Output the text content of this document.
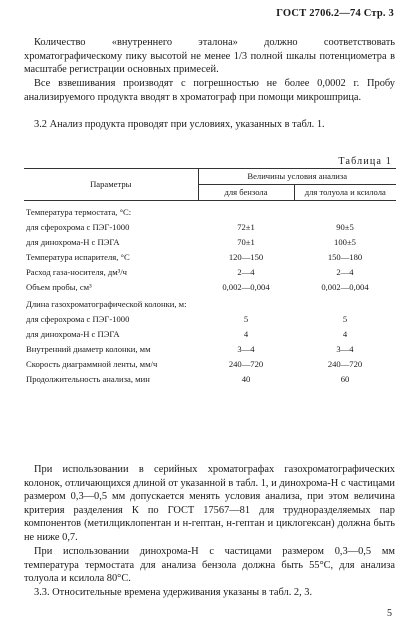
ГОСТ 2706.2—74 Стр. 3

Количество «внутреннего эталона» должно соответствовать хроматографическому пику высотой не менее 1/3 полной шкалы потенциометра в масштабе регистрации основных примесей.

Все взвешивания производят с погрешностью не более 0,0002 г. Пробу анализируемого продукта вводят в хроматограф при помощи микрошприца.

3.2 Анализ продукта проводят при условиях, указанных в табл. 1.

Таблица 1
Параметры	Величины условия анализа	
	для бензола	для толуола и ксилола
Температура термостата, °С:		
для сферохрома с ПЭГ-1000	72±1	90±5
для динохрома-Н с ПЭГА	70±1	100±5
Температура испарителя, °С	120—150	150—180
Расход газа-носителя, дм³/ч	2—4	2—4
Объем пробы, см³	0,002—0,004	0,002—0,004
Длина газохроматографической колонки, м:		
для сферохрома с ПЭГ-1000	5	5
для динохрома-Н с ПЭГА	4	4
Внутренний диаметр колонки, мм	3—4	3—4
Скорость диаграммной ленты, мм/ч	240—720	240—720
Продолжительность анализа, мин	40	60

При использовании в серийных хроматографах газохроматографических колонок, отличающихся длиной от указанной в табл. 1, и динохрома-Н с частицами размером 0,3—0,5 мм допускается менять условия анализа, при этом величина критерия разделения К по ГОСТ 17567—81 для трудноразделяемых пар компонентов (метилциклопентан и н-гептан, н-гептан и циклогексан) должна быть не ниже 0,7.

При использовании динохрома-Н с частицами размером 0,3—0,5 мм температура термостата для анализа бензола должна быть 55°С, для анализа толуола и ксилола 80°С.

3.3. Относительные времена удерживания указаны в табл. 2, 3.

5
